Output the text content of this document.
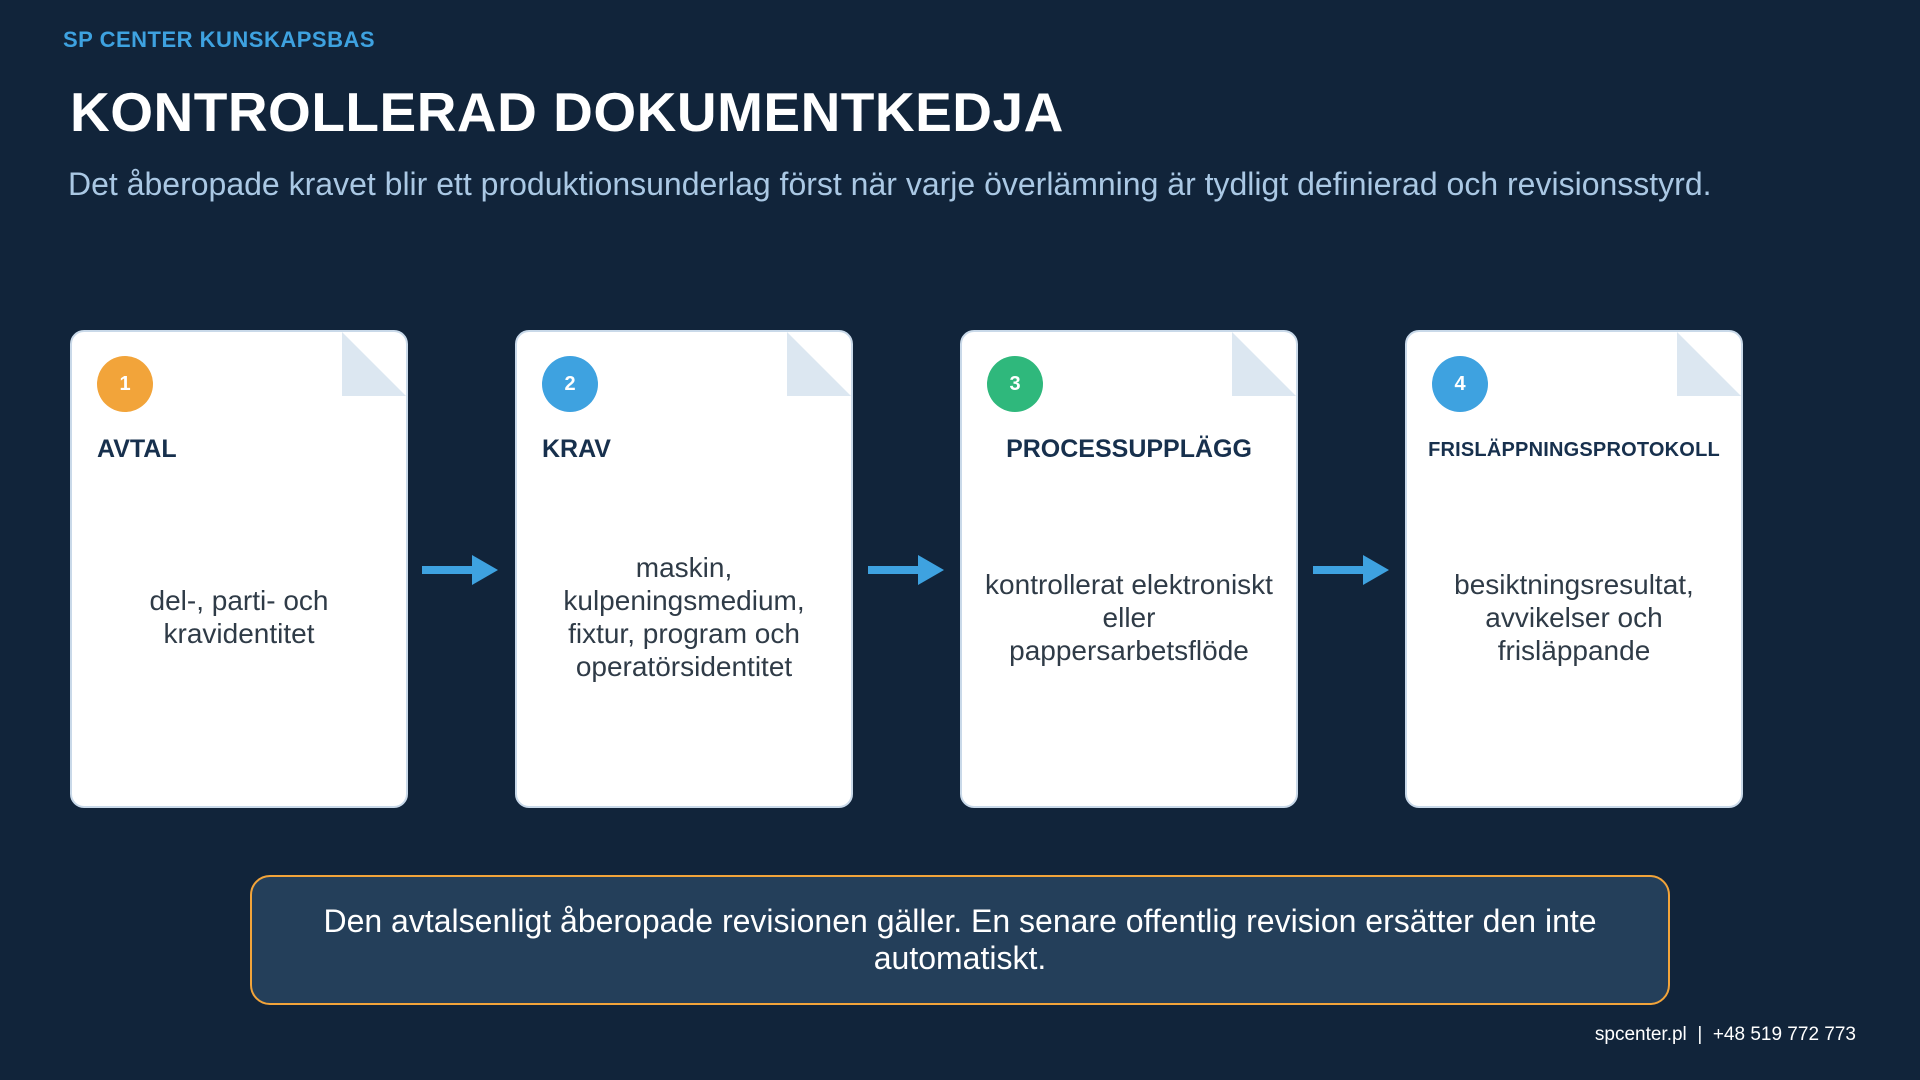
SP CENTER KUNSKAPSBAS
KONTROLLERAD DOKUMENTKEDJA
Det åberopade kravet blir ett produktionsunderlag först när varje överlämning är tydligt definierad och revisionsstyrd.
1
AVTAL
del-, parti- och kravidentitet
2
KRAV
maskin, kulpeningsmedium, fixtur, program och operatörsidentitet
3
PROCESSUPPLÄGG
kontrollerat elektroniskt eller pappersarbetsflöde
4
FRISLÄPPNINGSPROTOKOLL
besiktningsresultat, avvikelser och frisläppande
Den avtalsenligt åberopade revisionen gäller. En senare offentlig revision ersätter den inte automatiskt.
spcenter.pl  |  +48 519 772 773
